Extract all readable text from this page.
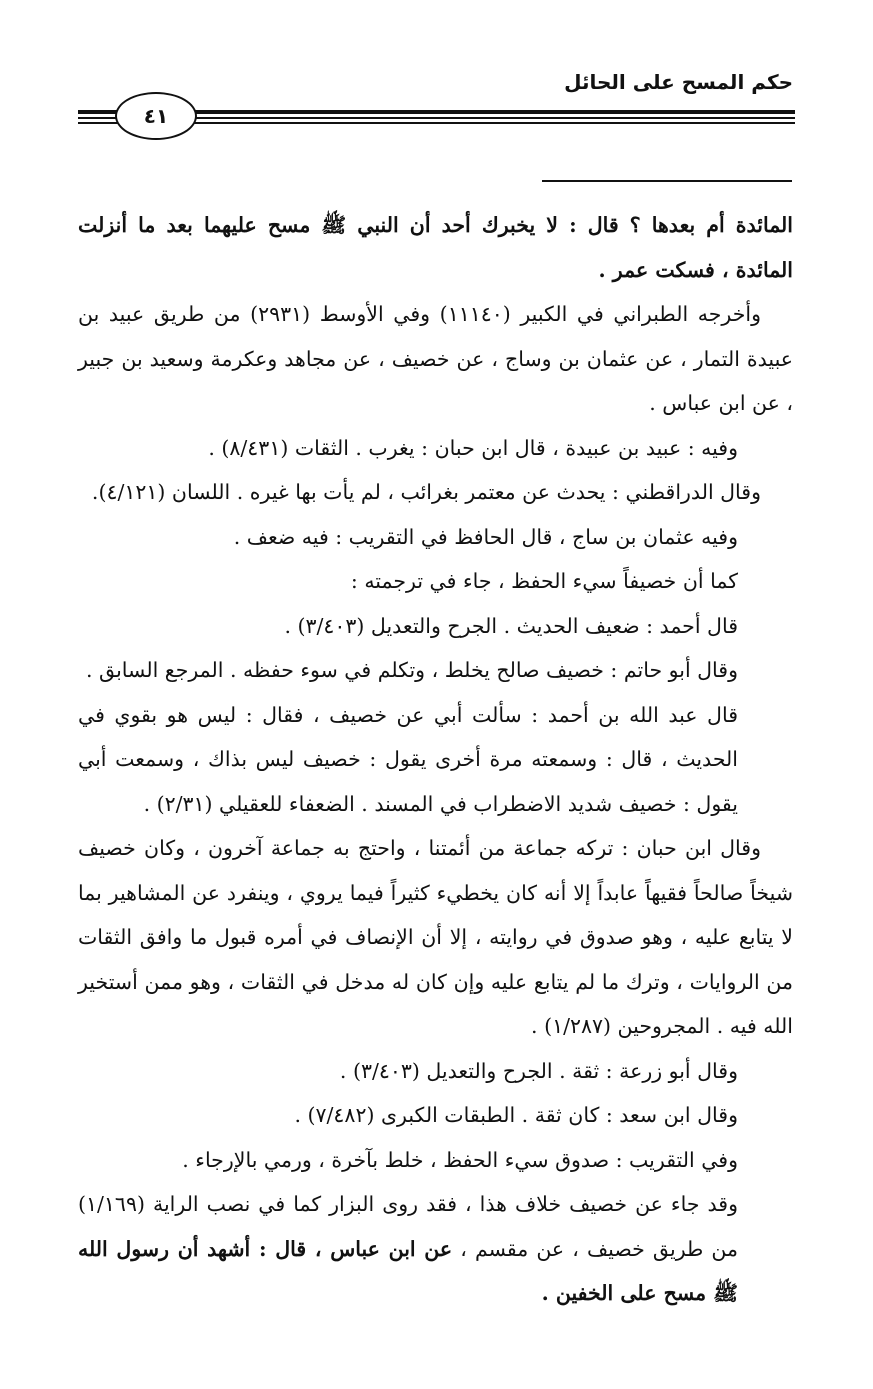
حكم المسح على الحائل
٤١

المائدة أم بعدها ؟ قال : لا يخبرك أحد أن النبي ﷺ مسح عليهما بعد ما أنزلت المائدة ، فسكت عمر .

وأخرجه الطبراني في الكبير (١١١٤٠) وفي الأوسط (٢٩٣١) من طريق عبيد بن عبيدة التمار ، عن عثمان بن وساج ، عن خصيف ، عن مجاهد وعكرمة وسعيد بن جبير ، عن ابن عباس .

وفيه : عبيد بن عبيدة ، قال ابن حبان : يغرب . الثقات (٨/٤٣١) .

وقال الدراقطني : يحدث عن معتمر بغرائب ، لم يأت بها غيره . اللسان (٤/١٢١).

وفيه عثمان بن ساج ، قال الحافظ في التقريب : فيه ضعف .

كما أن خصيفاً سيء الحفظ ، جاء في ترجمته :

قال أحمد : ضعيف الحديث . الجرح والتعديل (٣/٤٠٣) .

وقال أبو حاتم : خصيف صالح يخلط ، وتكلم في سوء حفظه . المرجع السابق .

قال عبد الله بن أحمد : سألت أبي عن خصيف ، فقال : ليس هو بقوي في الحديث ، قال : وسمعته مرة أخرى يقول : خصيف ليس بذاك ، وسمعت أبي يقول : خصيف شديد الاضطراب في المسند . الضعفاء للعقيلي (٢/٣١) .

وقال ابن حبان : تركه جماعة من أئمتنا ، واحتج به جماعة آخرون ، وكان خصيف شيخاً صالحاً فقيهاً عابداً إلا أنه كان يخطيء كثيراً فيما يروي ، وينفرد عن المشاهير بما لا يتابع عليه ، وهو صدوق في روايته ، إلا أن الإنصاف في أمره قبول ما وافق الثقات من الروايات ، وترك ما لم يتابع عليه وإن كان له مدخل في الثقات ، وهو ممن أستخير الله فيه . المجروحين (١/٢٨٧) .

وقال أبو زرعة : ثقة . الجرح والتعديل (٣/٤٠٣) .

وقال ابن سعد : كان ثقة . الطبقات الكبرى (٧/٤٨٢) .

وفي التقريب : صدوق سيء الحفظ ، خلط بآخرة ، ورمي بالإرجاء .

وقد جاء عن خصيف خلاف هذا ، فقد روى البزار كما في نصب الراية (١/١٦٩) من طريق خصيف ، عن مقسم ، عن ابن عباس ، قال : أشهد أن رسول الله ﷺ مسح على الخفين .
